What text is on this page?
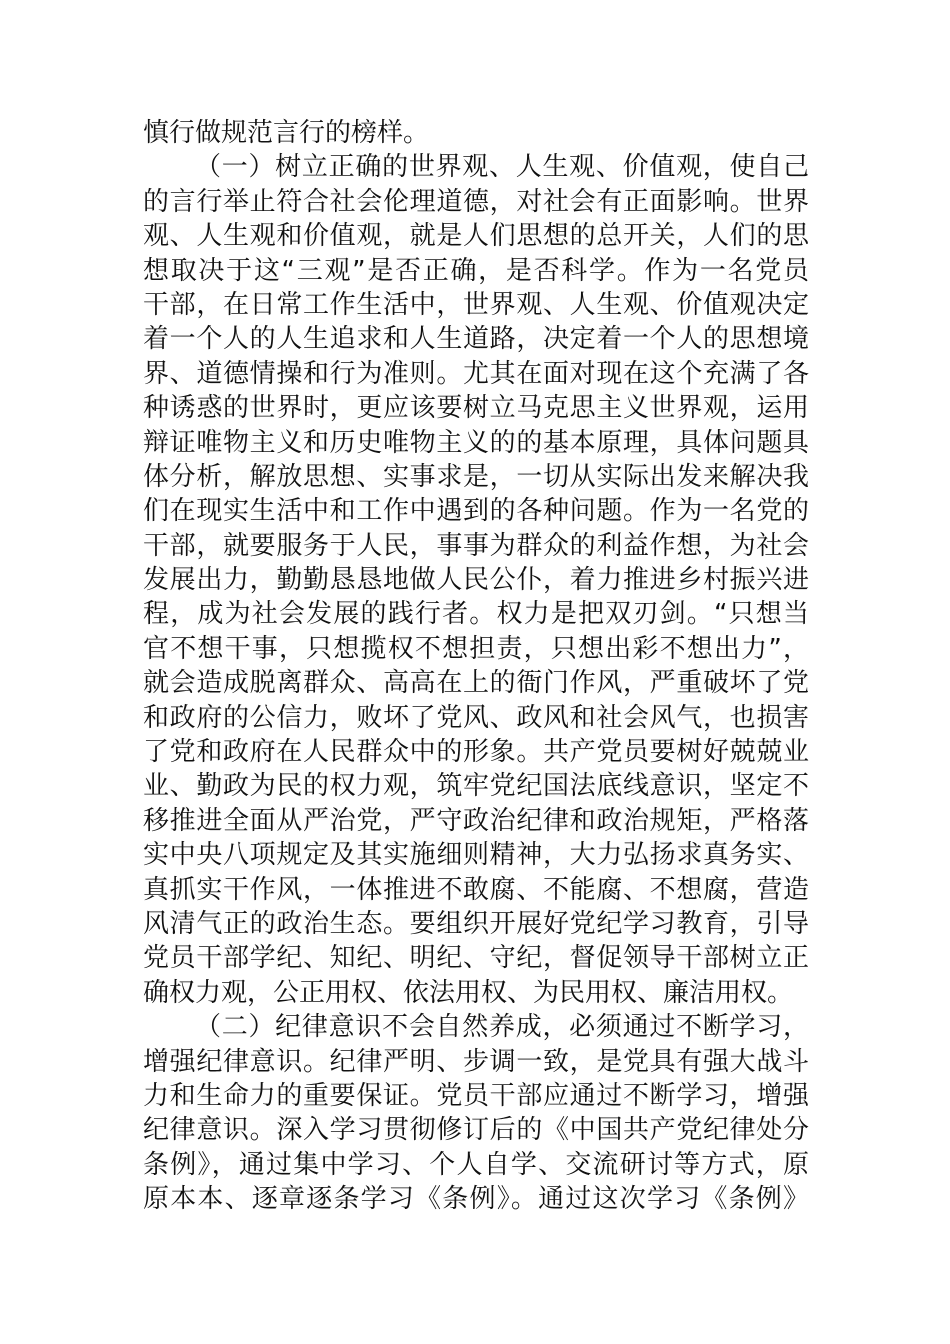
慎行做规范言行的榜样。
（一）树立正确的世界观、人生观、价值观，使自己
的言行举止符合社会伦理道德，对社会有正面影响。世界
观、人生观和价值观，就是人们思想的总开关，人们的思
想取决于这“三观”是否正确，是否科学。作为一名党员
干部，在日常工作生活中，世界观、人生观、价值观决定
着一个人的人生追求和人生道路，决定着一个人的思想境
界、道德情操和行为准则。尤其在面对现在这个充满了各
种诱惑的世界时，更应该要树立马克思主义世界观，运用
辩证唯物主义和历史唯物主义的的基本原理，具体问题具
体分析，解放思想、实事求是，一切从实际出发来解决我
们在现实生活中和工作中遇到的各种问题。作为一名党的
干部，就要服务于人民，事事为群众的利益作想，为社会
发展出力，勤勤恳恳地做人民公仆，着力推进乡村振兴进
程，成为社会发展的践行者。权力是把双刃剑。“只想当
官不想干事，只想揽权不想担责，只想出彩不想出力”，
就会造成脱离群众、高高在上的衙门作风，严重破坏了党
和政府的公信力，败坏了党风、政风和社会风气，也损害
了党和政府在人民群众中的形象。共产党员要树好兢兢业
业、勤政为民的权力观，筑牢党纪国法底线意识，坚定不
移推进全面从严治党，严守政治纪律和政治规矩，严格落
实中央八项规定及其实施细则精神，大力弘扬求真务实、
真抓实干作风，一体推进不敢腐、不能腐、不想腐，营造
风清气正的政治生态。要组织开展好党纪学习教育，引导
党员干部学纪、知纪、明纪、守纪，督促领导干部树立正
确权力观，公正用权、依法用权、为民用权、廉洁用权。
（二）纪律意识不会自然养成，必须通过不断学习，
增强纪律意识。纪律严明、步调一致，是党具有强大战斗
力和生命力的重要保证。党员干部应通过不断学习，增强
纪律意识。深入学习贯彻修订后的《中国共产党纪律处分
条例》，通过集中学习、个人自学、交流研讨等方式，原
原本本、逐章逐条学习《条例》。通过这次学习《条例》
